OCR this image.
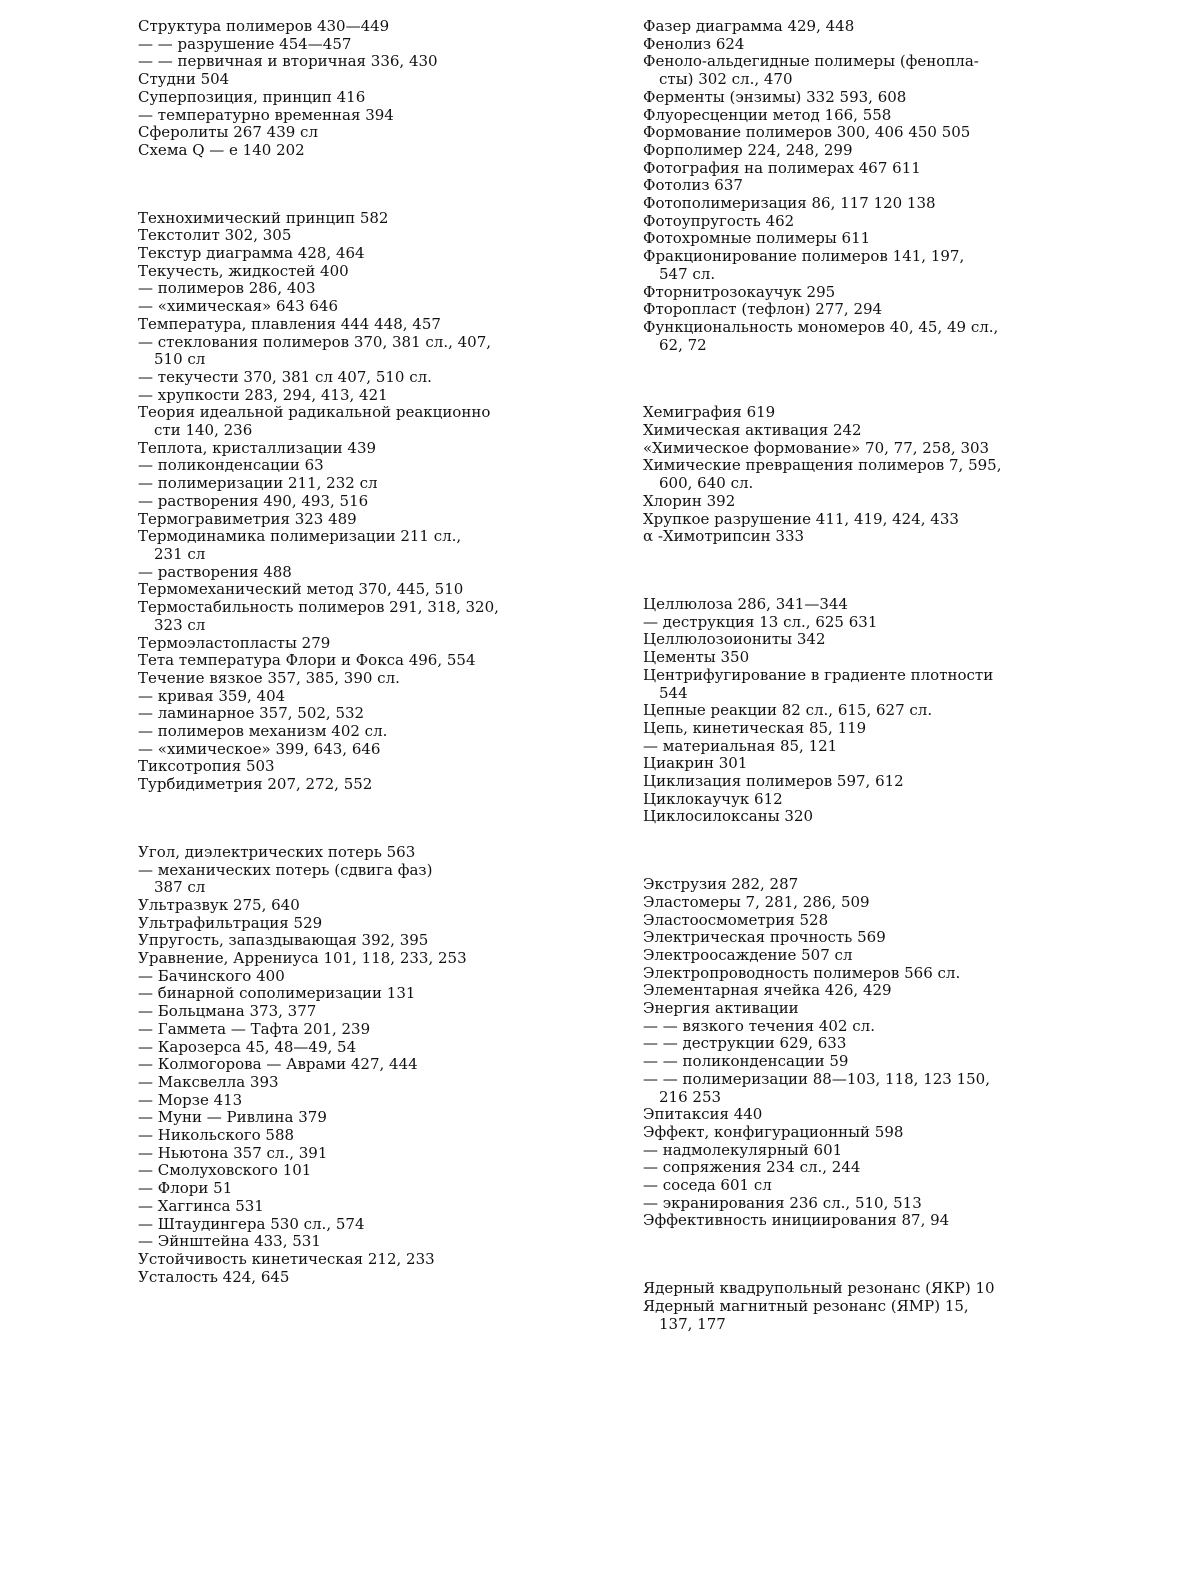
Структура полимеров 430—449
— — разрушение 454—457
— — первичная и вторичная 336, 430
Студни 504
Суперпозиция, принцип 416
— температурно временная 394
Сферолиты 267 439 сл
Схема Q — e 140 202
Технохимический принцип 582
Текстолит 302, 305
Текстур диаграмма 428, 464
Текучесть, жидкостей 400
— полимеров 286, 403
— «химическая» 643 646
Температура, плавления 444 448, 457
— стеклования полимеров 370, 381 сл., 407,
510 сл
— текучести 370, 381 сл 407, 510 сл.
— хрупкости 283, 294, 413, 421
Теория идеальной радикальной реакционно
сти 140, 236
Теплота, кристаллизации 439
— поликонденсации 63
— полимеризации 211, 232 сл
— растворения 490, 493, 516
Термогравиметрия 323 489
Термодинамика полимеризации 211 сл.,
231 сл
— растворения 488
Термомеханический метод 370, 445, 510
Термостабильность полимеров 291, 318, 320,
323 сл
Термоэластопласты 279
Тета температура Флори и Фокса 496, 554
Течение вязкое 357, 385, 390 сл.
— кривая 359, 404
— ламинарное 357, 502, 532
— полимеров механизм 402 сл.
— «химическое» 399, 643, 646
Тиксотропия 503
Турбидиметрия 207, 272, 552
Угол, диэлектрических потерь 563
— механических потерь (сдвига фаз)
387 сл
Ультразвук 275, 640
Ультрафильтрация 529
Упругость, запаздывающая 392, 395
Уравнение, Аррениуса 101, 118, 233, 253
— Бачинского 400
— бинарной сополимеризации 131
— Больцмана 373, 377
— Гаммета — Тафта 201, 239
— Карозерса 45, 48—49, 54
— Колмогорова — Аврами 427, 444
— Максвелла 393
— Морзе 413
— Муни — Ривлина 379
— Никольского 588
— Ньютона 357 сл., 391
— Смолуховского 101
— Флори 51
— Хаггинса 531
— Штаудингера 530 сл., 574
— Эйнштейна 433, 531
Устойчивость кинетическая 212, 233
Усталость 424, 645
Фазер диаграмма 429, 448
Фенолиз 624
Феноло-альдегидные полимеры (фенопла-
сты) 302 сл., 470
Ферменты (энзимы) 332 593, 608
Флуоресценции метод 166, 558
Формование полимеров 300, 406 450 505
Форполимер 224, 248, 299
Фотография на полимерах 467 611
Фотолиз 637
Фотополимеризация 86, 117 120 138
Фотоупругость 462
Фотохромные полимеры 611
Фракционирование полимеров 141, 197,
547 сл.
Фторнитрозокаучук 295
Фторопласт (тефлон) 277, 294
Функциональность мономеров 40, 45, 49 сл.,
62, 72
Хемиграфия 619
Химическая активация 242
«Химическое формование» 70, 77, 258, 303
Химические превращения полимеров 7, 595,
600, 640 сл.
Хлорин 392
Хрупкое разрушение 411, 419, 424, 433
α -Химотрипсин 333
Целлюлоза 286, 341—344
— деструкция 13 сл., 625 631
Целлюлозоиониты 342
Цементы 350
Центрифугирование в градиенте плотности
544
Цепные реакции 82 сл., 615, 627 сл.
Цепь, кинетическая 85, 119
— материальная 85, 121
Циакрин 301
Циклизация полимеров 597, 612
Циклокаучук 612
Циклосилоксаны 320
Экструзия 282, 287
Эластомеры 7, 281, 286, 509
Эластоосмометрия 528
Электрическая прочность 569
Электроосаждение 507 сл
Электропроводность полимеров 566 сл.
Элементарная ячейка 426, 429
Энергия активации
— — вязкого течения 402 сл.
— — деструкции 629, 633
— — поликонденсации 59
— — полимеризации 88—103, 118, 123 150,
216 253
Эпитаксия 440
Эффект, конфигурационный 598
— надмолекулярный 601
— сопряжения 234 сл., 244
— соседа 601 сл
— экранирования 236 сл., 510, 513
Эффективность инициирования 87, 94
Ядерный квадрупольный резонанс (ЯКР) 10
Ядерный магнитный резонанс (ЯМР) 15,
137, 177
